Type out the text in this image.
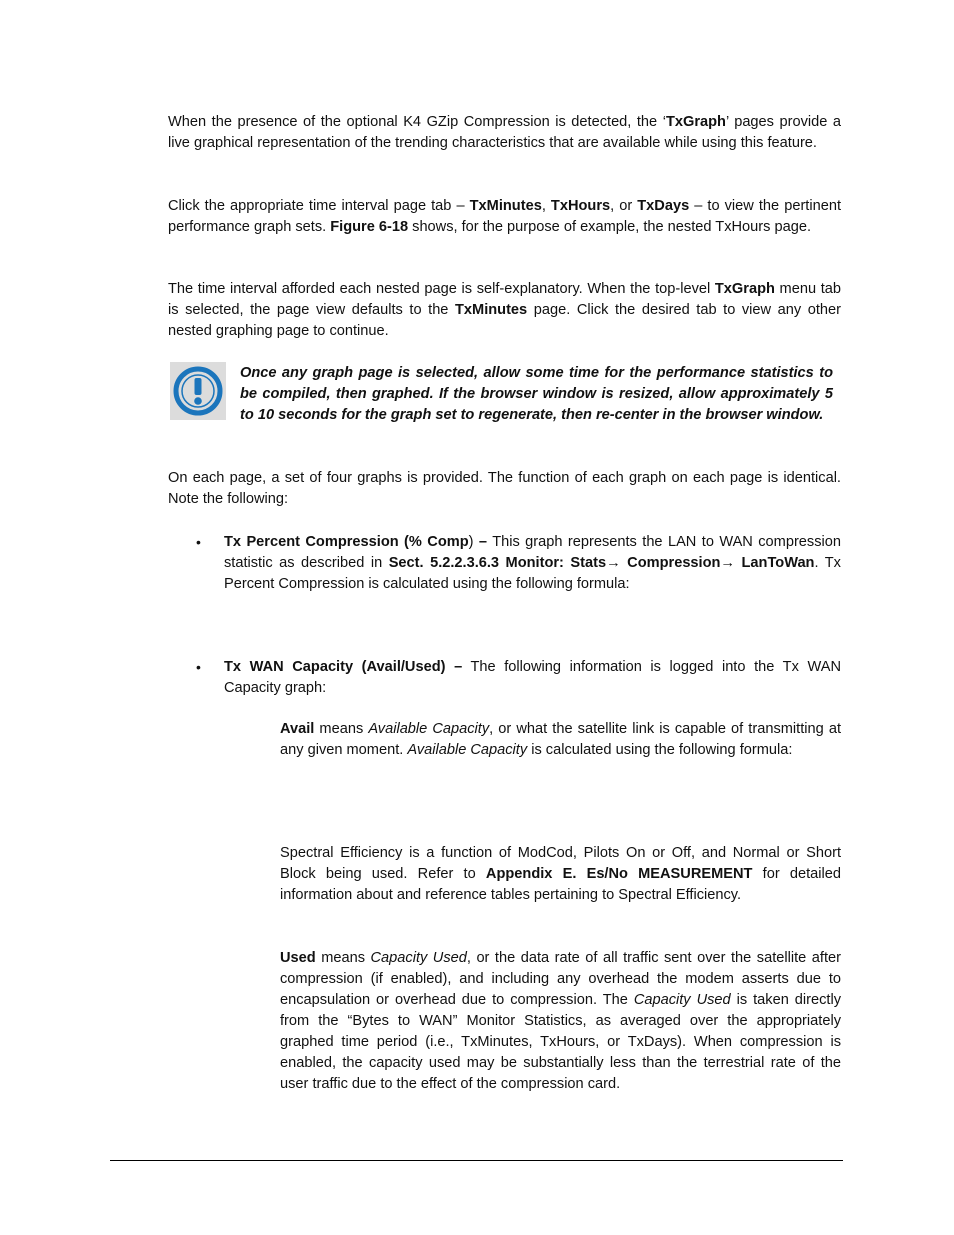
When the presence of the optional K4 GZip Compression is detected, the ‘TxGraph’ pages provide a live graphical representation of the trending characteristics that are available while using this feature.

Click the appropriate time interval page tab – TxMinutes, TxHours, or TxDays – to view the pertinent performance graph sets. Figure 6-18 shows, for the purpose of example, the nested TxHours page.

The time interval afforded each nested page is self-explanatory. When the top-level TxGraph menu tab is selected, the page view defaults to the TxMinutes page. Click the desired tab to view any other nested graphing page to continue.

Once any graph page is selected, allow some time for the performance statistics to be compiled, then graphed. If the browser window is resized, allow approximately 5 to 10 seconds for the graph set to regenerate, then re-center in the browser window.

On each page, a set of four graphs is provided. The function of each graph on each page is identical. Note the following:

• Tx Percent Compression (% Comp) – This graph represents the LAN to WAN compression statistic as described in Sect. 5.2.2.3.6.3 Monitor: Stats→ Compression→ LanToWan. Tx Percent Compression is calculated using the following formula:

• Tx WAN Capacity (Avail/Used) – The following information is logged into the Tx WAN Capacity graph:

Avail means Available Capacity, or what the satellite link is capable of transmitting at any given moment. Available Capacity is calculated using the following formula:

Spectral Efficiency is a function of ModCod, Pilots On or Off, and Normal or Short Block being used. Refer to Appendix E. Es/No MEASUREMENT for detailed information about and reference tables pertaining to Spectral Efficiency.

Used means Capacity Used, or the data rate of all traffic sent over the satellite after compression (if enabled), and including any overhead the modem asserts due to encapsulation or overhead due to compression. The Capacity Used is taken directly from the “Bytes to WAN” Monitor Statistics, as averaged over the appropriately graphed time period (i.e., TxMinutes, TxHours, or TxDays). When compression is enabled, the capacity used may be substantially less than the terrestrial rate of the user traffic due to the effect of the compression card.
